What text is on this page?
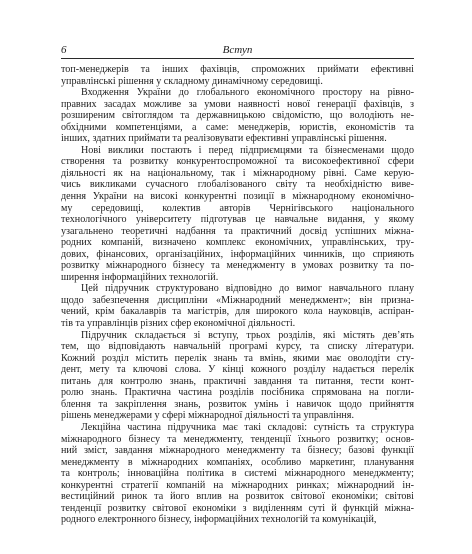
6	Вступ

топ-менеджерів та інших фахівців, спроможних приймати ефективні
управлінські рішення у складному динамічному середовищі.

Входження України до глобального економічного простору на рівно-
правних засадах можливе за умови наявності нової генерації фахівців, з
розширеним світоглядом та державницькою свідомістю, що володіють не-
обхідними компетенціями, а саме: менеджерів, юристів, економістів та
інших, здатних приймати та реалізовувати ефективні управлінські рішення.

Нові виклики постають і перед підприємцями та бізнесменами щодо
створення та розвитку конкурентоспроможної та високоефективної сфери
діяльності як на національному, так і міжнародному рівні. Саме керую-
чись викликами сучасного глобалізованого світу та необхідністю виве-
дення України на високі конкурентні позиції в міжнародному економічно-
му середовищі, колектив авторів Чернігівського національного
технологічного університету підготував це навчальне видання, у якому
узагальнено теоретичні надбання та практичний досвід успішних міжна-
родних компаній, визначено комплекс економічних, управлінських, тру-
дових, фінансових, організаційних, інформаційних чинників, що сприяють
розвитку міжнародного бізнесу та менеджменту в умовах розвитку та по-
ширення інформаційних технологій.

Цей підручник структуровано відповідно до вимог навчального плану
щодо забезпечення дисципліни «Міжнародний менеджмент»; він призна-
чений, крім бакалаврів та магістрів, для широкого кола науковців, аспіран-
тів та управлінців різних сфер економічної діяльності.

Підручник складається зі вступу, трьох розділів, які містять дев’ять
тем, що відповідають навчальній програмі курсу, та списку літератури.
Кожний розділ містить перелік знань та вмінь, якими має оволодіти сту-
дент, мету та ключові слова. У кінці кожного розділу надається перелік
питань для контролю знань, практичні завдання та питання, тести конт-
ролю знань. Практична частина розділів посібника спрямована на погли-
блення та закріплення знань, розвиток умінь і навичок щодо прийняття
рішень менеджерами у сфері міжнародної діяльності та управління.

Лекційна частина підручника має такі складові: сутність та структура
міжнародного бізнесу та менеджменту, тенденції їхнього розвитку; основ-
ний зміст, завдання міжнародного менеджменту та бізнесу; базові функції
менеджменту в міжнародних компаніях, особливо маркетинг, планування
та контроль; інноваційна політика в системі міжнародного менеджменту;
конкурентні стратегії компаній на міжнародних ринках; міжнародний ін-
вестиційний ринок та його вплив на розвиток світової економіки; світові
тенденції розвитку світової економіки з виділенням суті й функцій міжна-
родного електронного бізнесу, інформаційних технологій та комунікацій,
